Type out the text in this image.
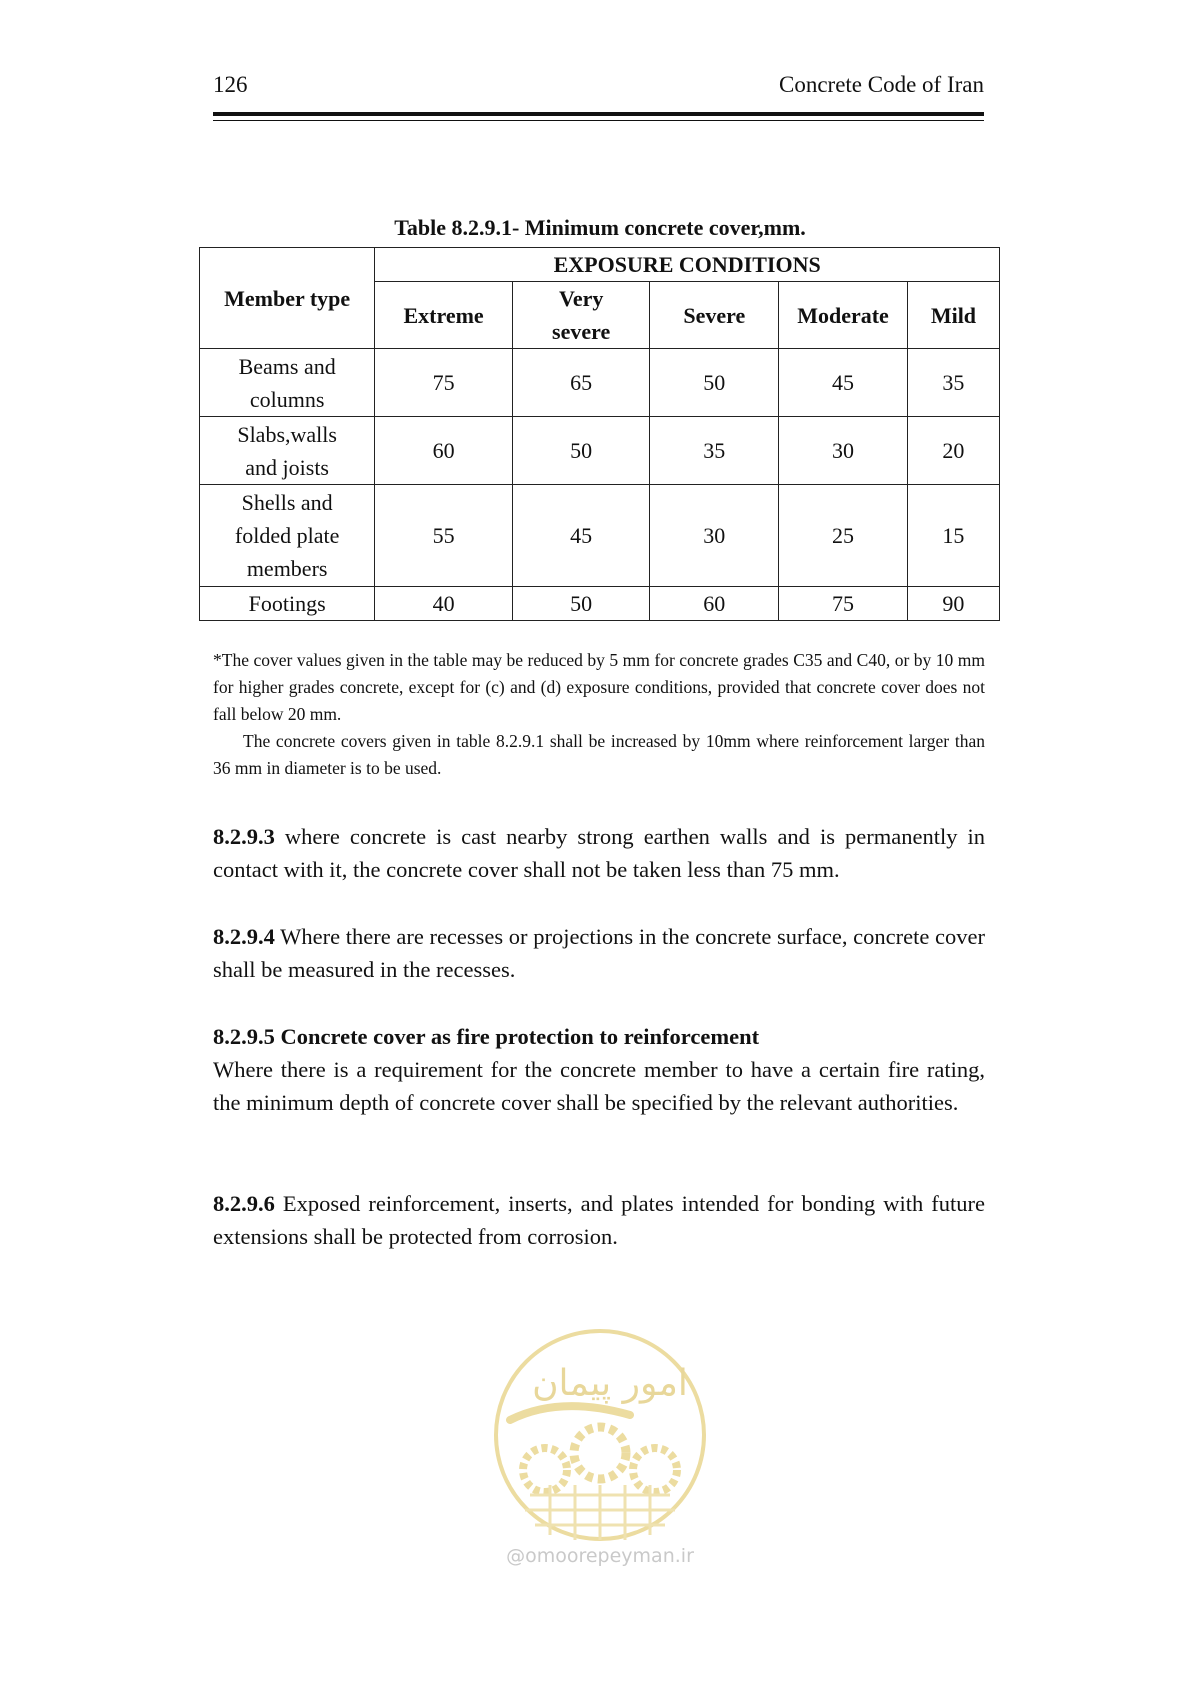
126	Concrete Code of Iran
Table 8.2.9.1- Minimum concrete cover,mm.
Member type	EXPOSURE CONDITIONS				
	Extreme	Very severe	Severe	Moderate	Mild
Beams and columns	75	65	50	45	35
Slabs,walls and joists	60	50	35	30	20
Shells and folded plate members	55	45	30	25	15
Footings	40	50	60	75	90

*The cover values given in the table may be reduced by 5 mm for concrete grades C35 and C40, or by 10 mm for higher grades concrete, except for (c) and (d) exposure conditions, provided that concrete cover does not fall below 20 mm.

The concrete covers given in table 8.2.9.1 shall be increased by 10mm where reinforcement larger than 36 mm in diameter is to be used.

8.2.9.3 where concrete is cast nearby strong earthen walls and is permanently in contact with it, the concrete cover shall not be taken less than 75 mm.

8.2.9.4 Where there are recesses or projections in the concrete surface, concrete cover shall be measured in the recesses.

8.2.9.5 Concrete cover as fire protection to reinforcement
Where there is a requirement for the concrete member to have a certain fire rating, the minimum depth of concrete cover shall be specified by the relevant authorities.

8.2.9.6 Exposed reinforcement, inserts, and plates intended for bonding with future extensions shall be protected from corrosion.

امور پیمان
@omoorepeyman.ir
